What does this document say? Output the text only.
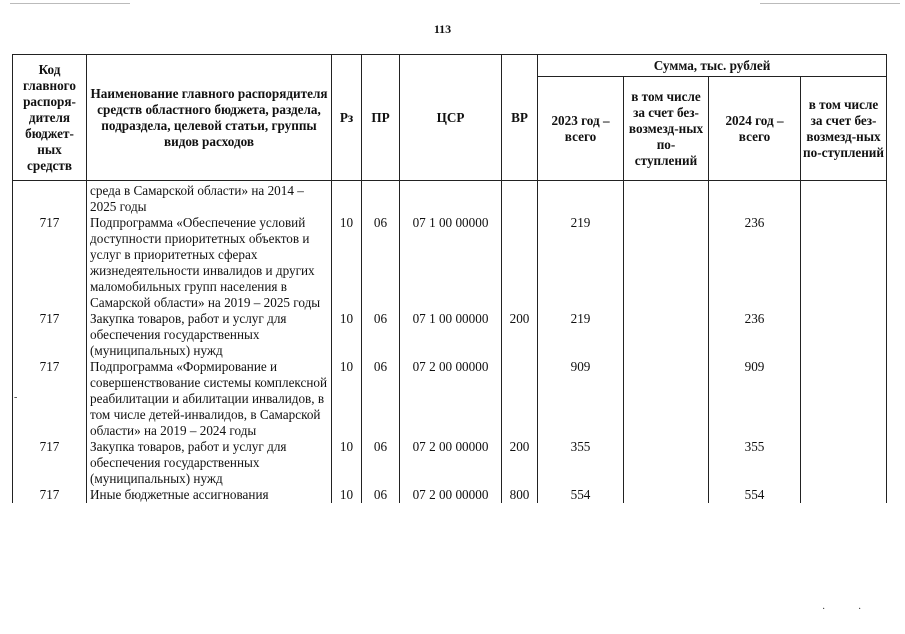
113
Код главного распоря-дителя бюджет-ных средств	Наименование главного распорядителя средств областного бюджета, раздела, подраздела, целевой статьи, группы видов расходов	Рз	ПР	ЦСР	ВР	Сумма, тыс. рублей			
						2023 год – всего	в том числе за счет без-возмезд-ных по-ступлений	2024 год – всего	в том числе за счет без-возмезд-ных по-ступлений
	среда в Самарской области» на 2014 – 2025 годы								
717	Подпрограмма «Обеспечение условий доступности приоритетных объектов и услуг в приоритетных сферах жизнедеятельности инвалидов и других маломобильных групп населения в Самарской области» на 2019 – 2025 годы	10	06	07 1 00 00000		219		236	
717	Закупка товаров, работ и услуг для обеспечения государственных (муниципальных) нужд	10	06	07 1 00 00000	200	219		236	
717	Подпрограмма «Формирование и совершенствование системы комплексной реабилитации и абилитации инвалидов, в том числе детей-инвалидов, в Самарской области» на 2019 – 2024 годы	10	06	07 2 00 00000		909		909	
717	Закупка товаров, работ и услуг для обеспечения государственных (муниципальных) нужд	10	06	07 2 00 00000	200	355		355	
717	Иные бюджетные ассигнования	10	06	07 2 00 00000	800	554		554	
‑
·	·
